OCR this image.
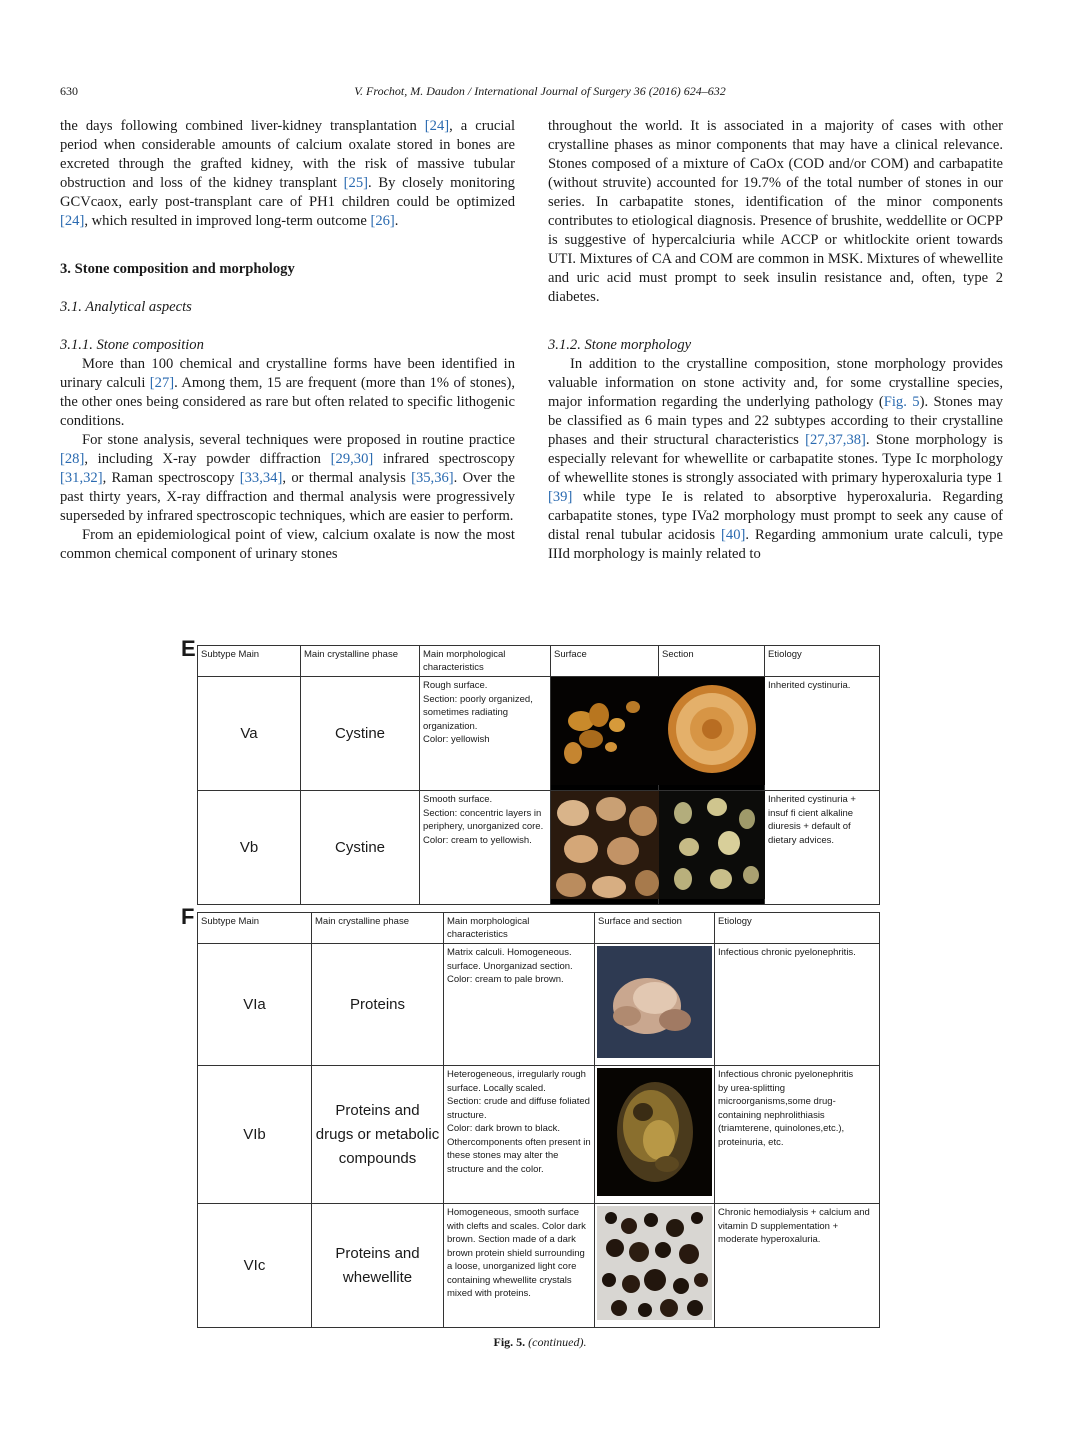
630	V. Frochot, M. Daudon / International Journal of Surgery 36 (2016) 624–632

the days following combined liver-kidney transplantation [24], a crucial period when considerable amounts of calcium oxalate stored in bones are excreted through the grafted kidney, with the risk of massive tubular obstruction and loss of the kidney transplant [25]. By closely monitoring GCVcaox, early post-transplant care of PH1 children could be optimized [24], which resulted in improved long-term outcome [26].

3. Stone composition and morphology

3.1. Analytical aspects

3.1.1. Stone composition

More than 100 chemical and crystalline forms have been identified in urinary calculi [27]. Among them, 15 are frequent (more than 1% of stones), the other ones being considered as rare but often related to specific lithogenic conditions.

For stone analysis, several techniques were proposed in routine practice [28], including X-ray powder diffraction [29,30] infrared spectroscopy [31,32], Raman spectroscopy [33,34], or thermal analysis [35,36]. Over the past thirty years, X-ray diffraction and thermal analysis were progressively superseded by infrared spectroscopic techniques, which are easier to perform.

From an epidemiological point of view, calcium oxalate is now the most common chemical component of urinary stones

throughout the world. It is associated in a majority of cases with other crystalline phases as minor components that may have a clinical relevance. Stones composed of a mixture of CaOx (COD and/or COM) and carbapatite (without struvite) accounted for 19.7% of the total number of stones in our series. In carbapatite stones, identification of the minor components contributes to etiological diagnosis. Presence of brushite, weddellite or OCPP is suggestive of hypercalciuria while ACCP or whitlockite orient towards UTI. Mixtures of CA and COM are common in MSK. Mixtures of whewellite and uric acid must prompt to seek insulin resistance and, often, type 2 diabetes.

3.1.2. Stone morphology

In addition to the crystalline composition, stone morphology provides valuable information on stone activity and, for some crystalline species, major information regarding the underlying pathology (Fig. 5). Stones may be classified as 6 main types and 22 subtypes according to their crystalline phases and their structural characteristics [27,37,38]. Stone morphology is especially relevant for whewellite or carbapatite stones. Type Ic morphology of whewellite stones is strongly associated with primary hyperoxaluria type 1 [39] while type Ie is related to absorptive hyperoxaluria. Regarding carbapatite stones, type IVa2 morphology must prompt to seek any cause of distal renal tubular acidosis [40]. Regarding ammonium urate calculi, type IIId morphology is mainly related to

E Subtype Main	Main crystalline phase	Main morphological characteristics	Surface	Section	Etiology
Va	Cystine	Rough surface.
Section: poorly organized, sometimes radiating organization.
Color: yellowish			Inherited cystinuria.
Vb	Cystine	Smooth surface.
Section: concentric layers in periphery, unorganized core.
Color: cream to yellowish.			Inherited cystinuria + insuf fi cient alkaline diuresis + default of dietary advices.
F Subtype Main	Main crystalline phase	Main morphological characteristics	Surface and section	Etiology
VIa	Proteins	Matrix calculi. Homogeneous. surface. Unorganizad section.
Color: cream to pale brown.		Infectious chronic pyelonephritis.
VIb	Proteins and drugs or metabolic compounds	Heterogeneous, irregularly rough surface. Locally scaled.
Section: crude and diffuse foliated structure.
Color: dark brown to black.
Othercomponents often present in these stones may alter the structure and the color.		Infectious chronic pyelonephritis
by urea-splitting microorganisms,some drug-containing nephrolithiasis (triamterene, quinolones,etc.), proteinuria, etc.
VIc	Proteins and whewellite	Homogeneous, smooth surface with clefts and scales. Color dark brown. Section made of a dark brown protein shield surrounding a loose, unorganized light core containing whewellite crystals mixed with proteins.		Chronic hemodialysis + calcium and vitamin D supplementation + moderate hyperoxaluria.
Fig. 5. (continued).
